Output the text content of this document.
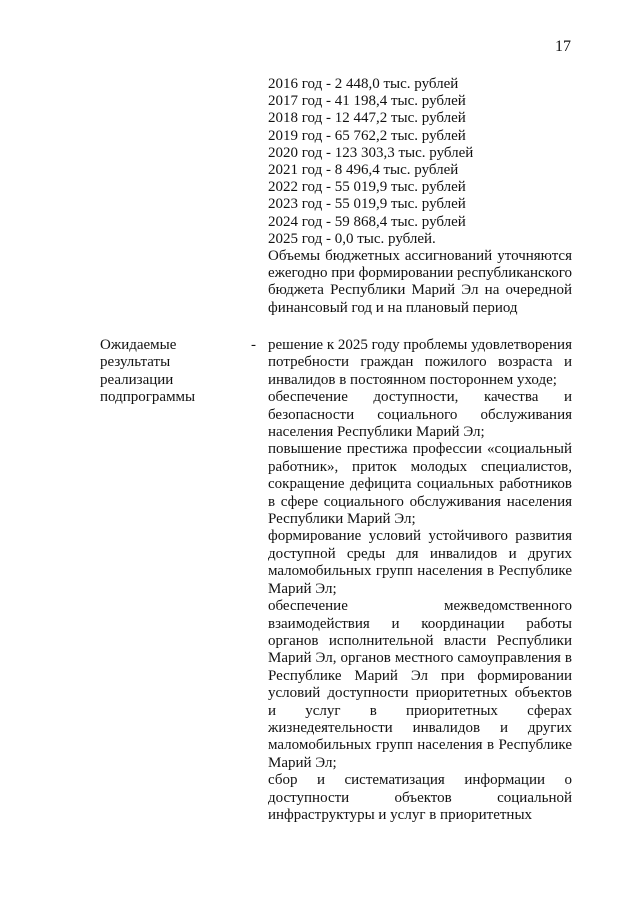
17
2016 год - 2 448,0 тыс. рублей
2017 год - 41 198,4 тыс. рублей
2018 год - 12 447,2 тыс. рублей
2019 год - 65 762,2 тыс. рублей
2020 год - 123 303,3 тыс. рублей
2021 год - 8 496,4 тыс. рублей
2022 год - 55 019,9 тыс. рублей
2023 год - 55 019,9 тыс. рублей
2024 год - 59 868,4 тыс. рублей
2025 год - 0,0 тыс. рублей.
Объемы бюджетных ассигнований уточняются ежегодно при формировании республиканского бюджета Республики Марий Эл на очередной финансовый год и на плановый период
Ожидаемые результаты реализации подпрограммы
- решение к 2025 году проблемы удовлетворения потребности граждан пожилого возраста и инвалидов в постоянном постороннем уходе;
обеспечение доступности, качества и безопасности социального обслуживания населения Республики Марий Эл;
повышение престижа профессии «социальный работник», приток молодых специалистов, сокращение дефицита социальных работников в сфере социального обслуживания населения Республики Марий Эл;
формирование условий устойчивого развития доступной среды для инвалидов и других маломобильных групп населения в Республике Марий Эл;
обеспечение межведомственного взаимодействия и координации работы органов исполнительной власти Республики Марий Эл, органов местного самоуправления в Республике Марий Эл при формировании условий доступности приоритетных объектов и услуг в приоритетных сферах жизнедеятельности инвалидов и других маломобильных групп населения в Республике Марий Эл;
сбор и систематизация информации о доступности объектов социальной инфраструктуры и услуг в приоритетных
